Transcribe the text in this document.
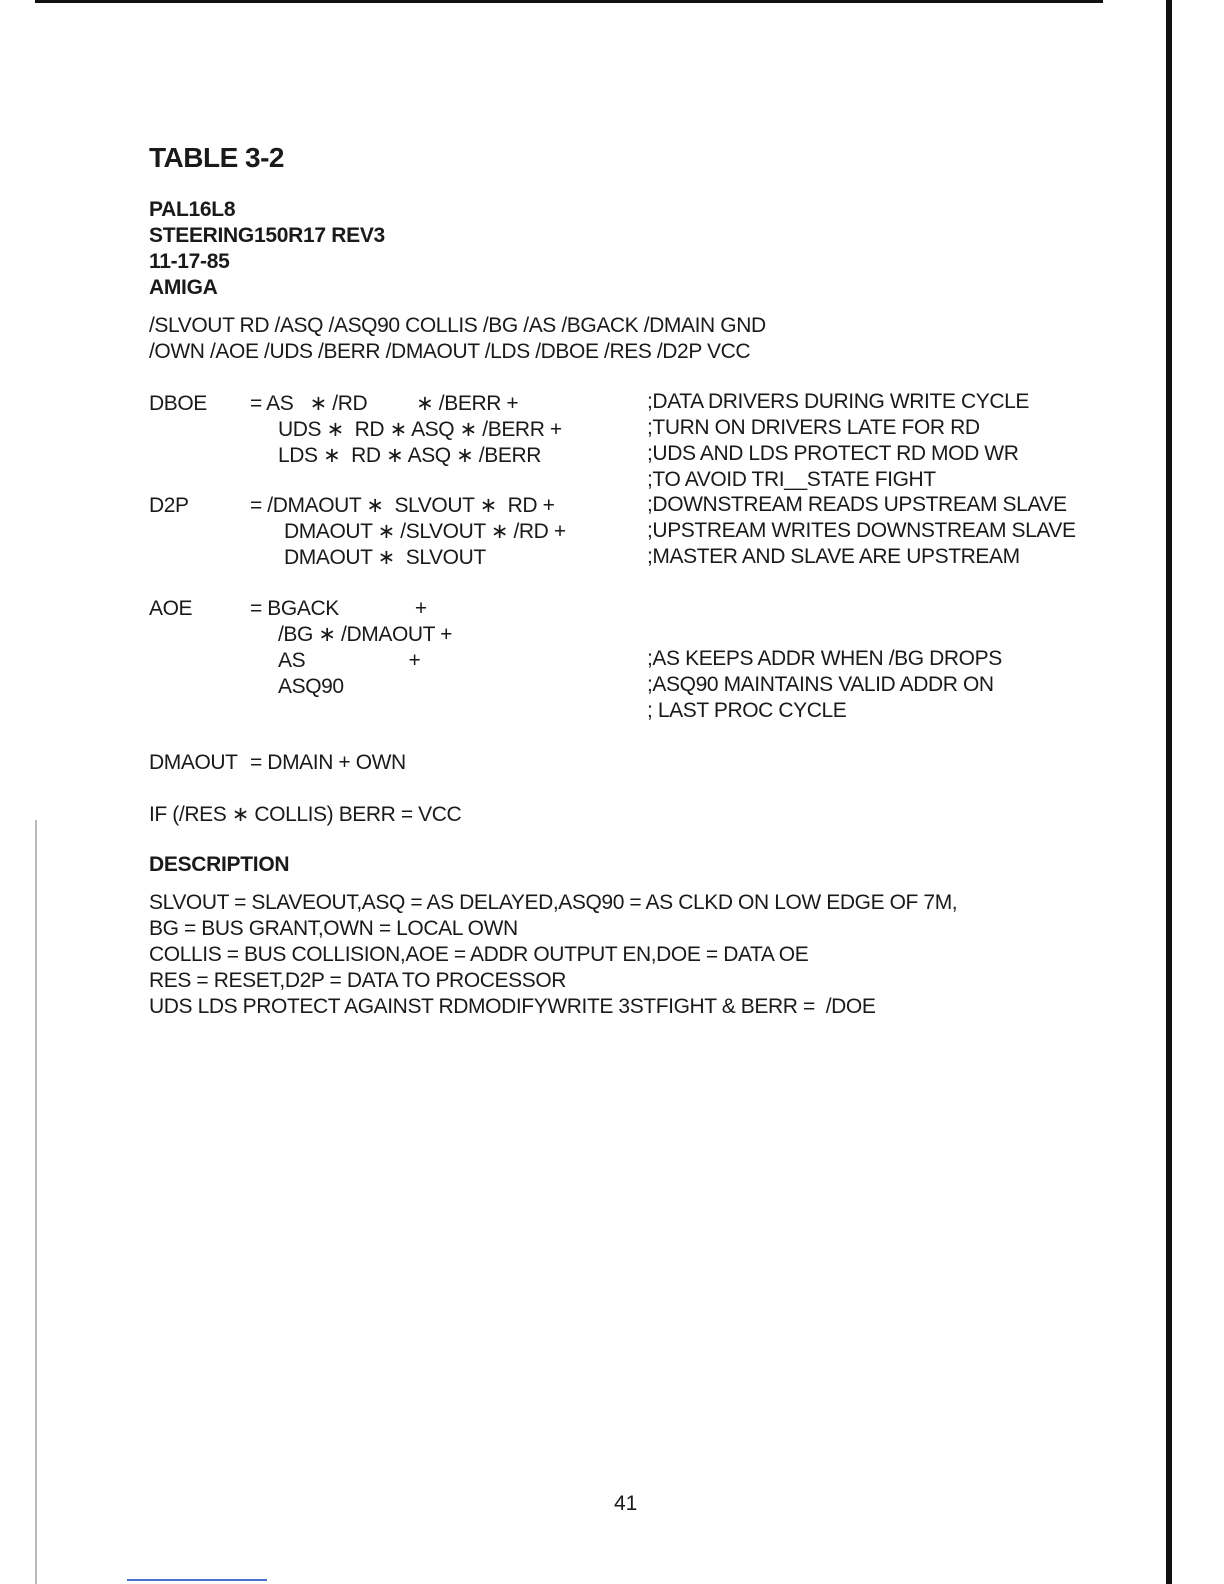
TABLE 3-2
PAL16L8
STEERING150R17 REV3
11-17-85
AMIGA
/SLVOUT RD /ASQ /ASQ90 COLLIS /BG /AS /BGACK /DMAIN GND
/OWN /AOE /UDS /BERR /DMAOUT /LDS /DBOE /RES /D2P VCC
DBOE = AS   ∗ /RD         ∗ /BERR +
UDS ∗  RD ∗ ASQ ∗ /BERR +
LDS ∗  RD ∗ ASQ ∗ /BERR
;DATA DRIVERS DURING WRITE CYCLE
;TURN ON DRIVERS LATE FOR RD
;UDS AND LDS PROTECT RD MOD WR
;TO AVOID TRI__STATE FIGHT
D2P	= /DMAOUT ∗  SLVOUT ∗  RD +
DMAOUT ∗ /SLVOUT ∗ /RD +
DMAOUT ∗  SLVOUT
;DOWNSTREAM READS UPSTREAM SLAVE
;UPSTREAM WRITES DOWNSTREAM SLAVE
;MASTER AND SLAVE ARE UPSTREAM
AOE	= BGACK              +
/BG ∗ /DMAOUT +
AS                   +
ASQ90
;AS KEEPS ADDR WHEN /BG DROPS
;ASQ90 MAINTAINS VALID ADDR ON
; LAST PROC CYCLE
DMAOUT = DMAIN + OWN
IF (/RES ∗ COLLIS) BERR = VCC
DESCRIPTION
SLVOUT = SLAVEOUT,ASQ = AS DELAYED,ASQ90 = AS CLKD ON LOW EDGE OF 7M,
BG = BUS GRANT,OWN = LOCAL OWN
COLLIS = BUS COLLISION,AOE = ADDR OUTPUT EN,DOE = DATA OE
RES = RESET,D2P = DATA TO PROCESSOR
UDS LDS PROTECT AGAINST RDMODIFYWRITE 3STFIGHT & BERR =  /DOE
41
